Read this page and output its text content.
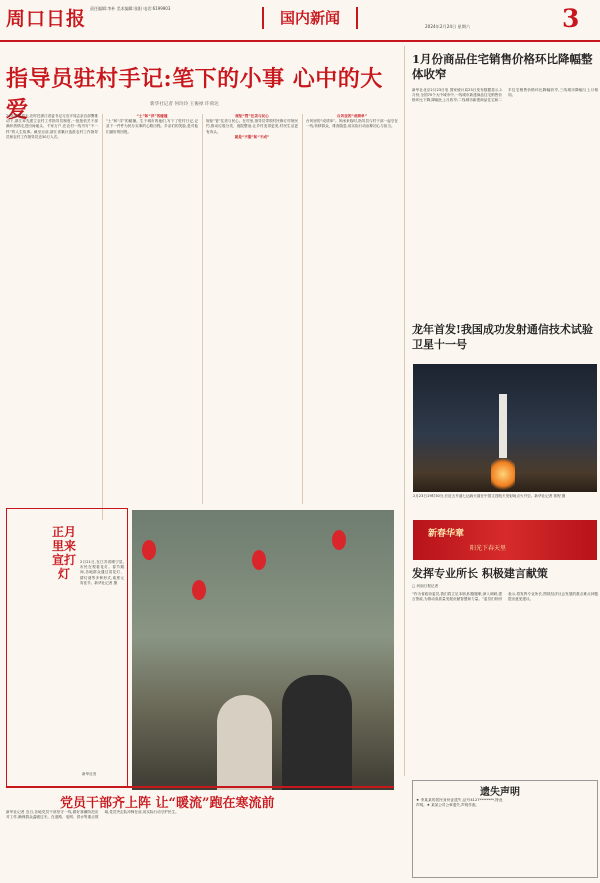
周口日报 责任编辑:李朴 美术编辑:张阳 电话:6199903
国内新闻	2024年2月24日 星期六	3
指导员驻村手记:笔下的小事 心中的大爱	新华社记者 何玲玲 王俊禄 许舜达

20年前的春天,在时任浙江省委书记习近平同志亲自部署推动下,浙江率先建立农村工作指导员制度,一批批机关干部满怀热情走进田间地头、千家万户,在农村一线书写“不一样”的人生故事。截至目前,浙江省累计选派农村工作指导员和农村工作指导员近30万人次。

“土”和“洋”的碰撞

“土”和“洋”的碰撞。生于城市的他们,写下了驻村日记,记录下一件件为民办实事的心路历程。乡亲们的笑脸,是对他们最好的回报。

规矩“管”住美与民心

规矩“管”住美与民心。在村里,指导员带领村民修订村规民约,推动垃圾分类、庭院整治,让乡村变得更美,村民生活更有奔头。

就是“不服”和“不成”

台风里的“成绩单”

台风里的“成绩单”。风雨来临时,指导员与村干部一起守在一线,转移群众、排查隐患,用实际行动诠释初心与担当。

正月里来宣打灯
2月21日,在江苏省睢宁县,市民在观看花灯。春节期间,各地群众通过赏花灯、猜灯谜等多种形式,欢度元宵佳节。新华社记者 摄
新华社发
1月份商品住宅销售价格环比降幅整体收窄
新华社北京2月23日电 国家统计局23日发布数据显示,1月份,全国70个大中城市中,一线城市新建商品住宅销售价格环比下降,降幅比上月收窄;二线城市新建商品住宅和二手住宅销售价格环比降幅收窄,三线城市降幅与上月相同。
龙年首发!我国成功发射通信技术试验卫星十一号
2月23日19时30分,长征五号遥七运载火箭在中国文昌航天发射场点火升空。新华社记者 郭程 摄
新春华章
阳光下春天里
发挥专业所长 积极建言献策
□ 河南日报记者
“作为省政协委员,我们将立足本职,积极履职,深入调研,建言资政,为推动高质量发展贡献智慧和力量。”委员们纷纷表示,将发挥专业所长,围绕经济社会发展的重点难点问题提出意见建议。
党员干部齐上阵 让“暖流”跑在寒流前
新华社记者 近日,各地党员干部坚守一线,做好寒潮防范应对工作,确保群众温暖过冬。在道路、电网、供水等重点领域,党员突击队冲锋在前,用实际行动守护民生。
遗失声明
★ 李某某的居民身份证遗失,证号4127********,特此声明。★ 某某公司公章遗失,声明作废。
